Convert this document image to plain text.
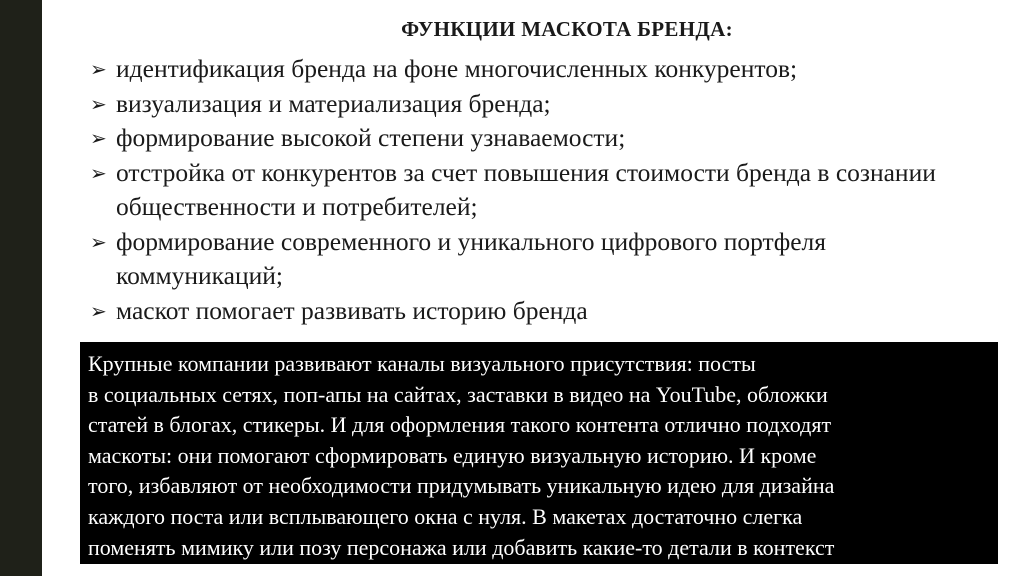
ФУНКЦИИ МАСКОТА БРЕНДА:
➢ идентификация бренда на фоне многочисленных конкурентов;
➢ визуализация и материализация бренда;
➢ формирование высокой степени узнаваемости;
➢ отстройка от конкурентов за счет повышения стоимости бренда в сознании общественности и потребителей;
➢ формирование современного и уникального цифрового портфеля коммуникаций;
➢ маскот помогает развивать историю бренда
Крупные компании развивают каналы визуального присутствия: посты
в социальных сетях, поп-апы на сайтах, заставки в видео на YouTube, обложки
статей в блогах, стикеры. И для оформления такого контента отлично подходят
маскоты: они помогают сформировать единую визуальную историю. И кроме
того, избавляют от необходимости придумывать уникальную идею для дизайна
каждого поста или всплывающего окна с нуля. В макетах достаточно слегка
поменять мимику или позу персонажа или добавить какие-то детали в контекст
